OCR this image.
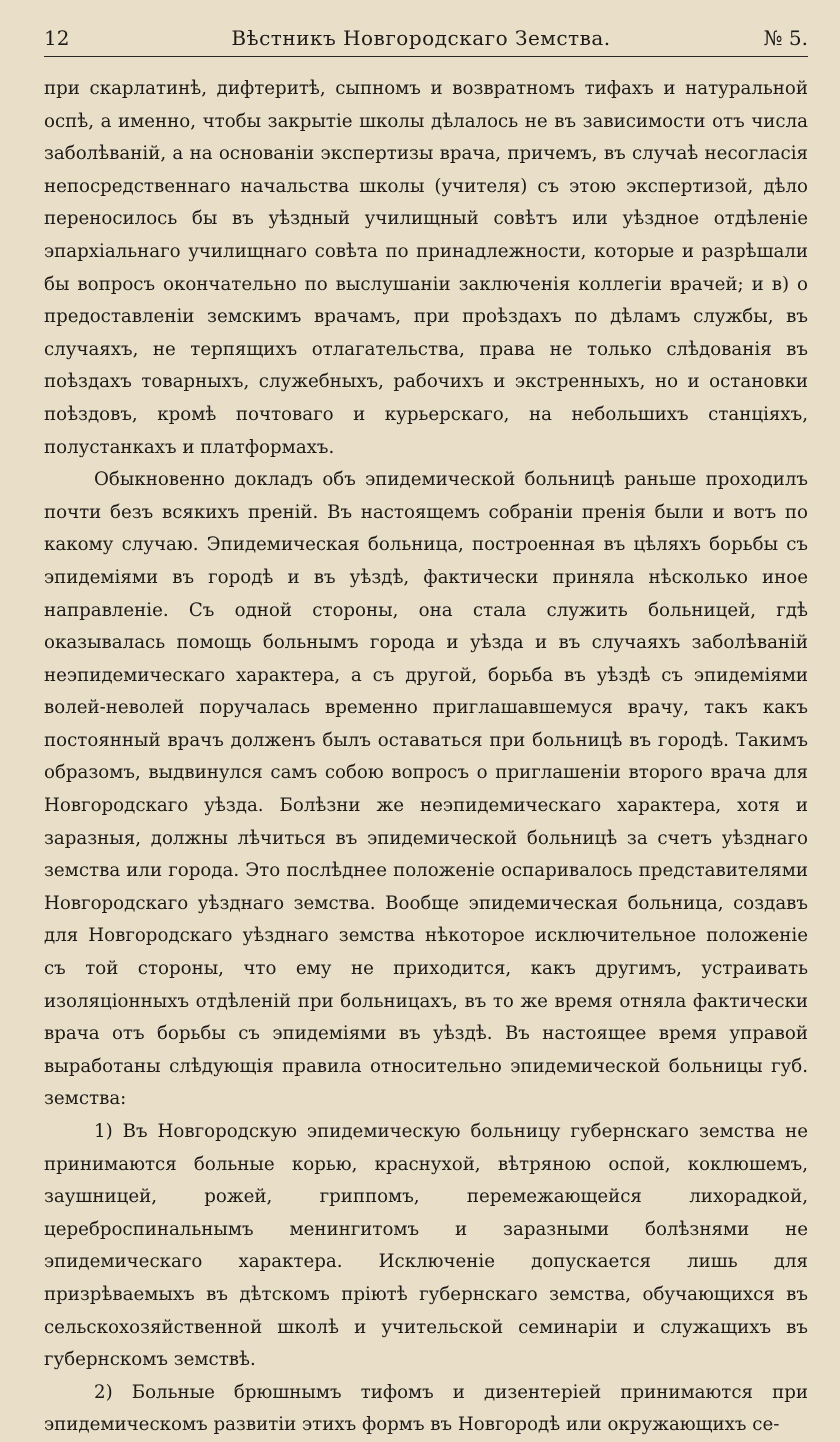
12	Вѣстникъ Новгородскаго Земства.	№ 5.

при скарлатинѣ, дифтеритѣ, сыпномъ и возвратномъ тифахъ и натуральной оспѣ, а именно, чтобы закрытіе школы дѣлалось не въ зависимости отъ числа заболѣваній, а на основаніи экспертизы врача, причемъ, въ случаѣ несогласія непосредственнаго начальства школы (учителя) съ этою экспертизой, дѣло переносилось бы въ уѣздный училищный совѣтъ или уѣздное отдѣленіе эпархіальнаго училищнаго совѣта по принадлежности, которые и разрѣшали бы вопросъ окончательно по выслушаніи заключенія коллегіи врачей; и в) о предоставленіи земскимъ врачамъ, при проѣздахъ по дѣламъ службы, въ случаяхъ, не терпящихъ отлагательства, права не только слѣдованія въ поѣздахъ товарныхъ, служебныхъ, рабочихъ и экстренныхъ, но и остановки поѣздовъ, кромѣ почтоваго и курьерскаго, на небольшихъ станціяхъ, полустанкахъ и платформахъ.

Обыкновенно докладъ объ эпидемической больницѣ раньше проходилъ почти безъ всякихъ преній. Въ настоящемъ собраніи пренія были и вотъ по какому случаю. Эпидемическая больница, построенная въ цѣляхъ борьбы съ эпидеміями въ городѣ и въ уѣздѣ, фактически приняла нѣсколько иное направленіе. Съ одной стороны, она стала служить больницей, гдѣ оказывалась помощь больнымъ города и уѣзда и въ случаяхъ заболѣваній неэпидемическаго характера, а съ другой, борьба въ уѣздѣ съ эпидеміями волей-неволей поручалась временно приглашавшемуся врачу, такъ какъ постоянный врачъ долженъ былъ оставаться при больницѣ въ городѣ. Такимъ образомъ, выдвинулся самъ собою вопросъ о приглашеніи второго врача для Новгородскаго уѣзда. Болѣзни же неэпидемическаго характера, хотя и заразныя, должны лѣчиться въ эпидемической больницѣ за счетъ уѣзднаго земства или города. Это послѣднее положеніе оспаривалось представителями Новгородскаго уѣзднаго земства. Вообще эпидемическая больница, создавъ для Новгородскаго уѣзднаго земства нѣкоторое исключительное положеніе съ той стороны, что ему не приходится, какъ другимъ, устраивать изоляціонныхъ отдѣленій при больницахъ, въ то же время отняла фактически врача отъ борьбы съ эпидеміями въ уѣздѣ. Въ настоящее время управой выработаны слѣдующія правила относительно эпидемической больницы губ. земства:

1) Въ Новгородскую эпидемическую больницу губернскаго земства не принимаются больные корью, краснухой, вѣтряною оспой, коклюшемъ, заушницей, рожей, гриппомъ, перемежающейся лихорадкой, цереброспинальнымъ менингитомъ и заразными болѣзнями не эпидемическаго характера. Исключеніе допускается лишь для призрѣваемыхъ въ дѣтскомъ пріютѣ губернскаго земства, обучающихся въ сельскохозяйственной школѣ и учительской семинаріи и служащихъ въ губернскомъ земствѣ.

2) Больные брюшнымъ тифомъ и дизентеріей принимаются при эпидемическомъ развитіи этихъ формъ въ Новгородѣ или окружающихъ се-
